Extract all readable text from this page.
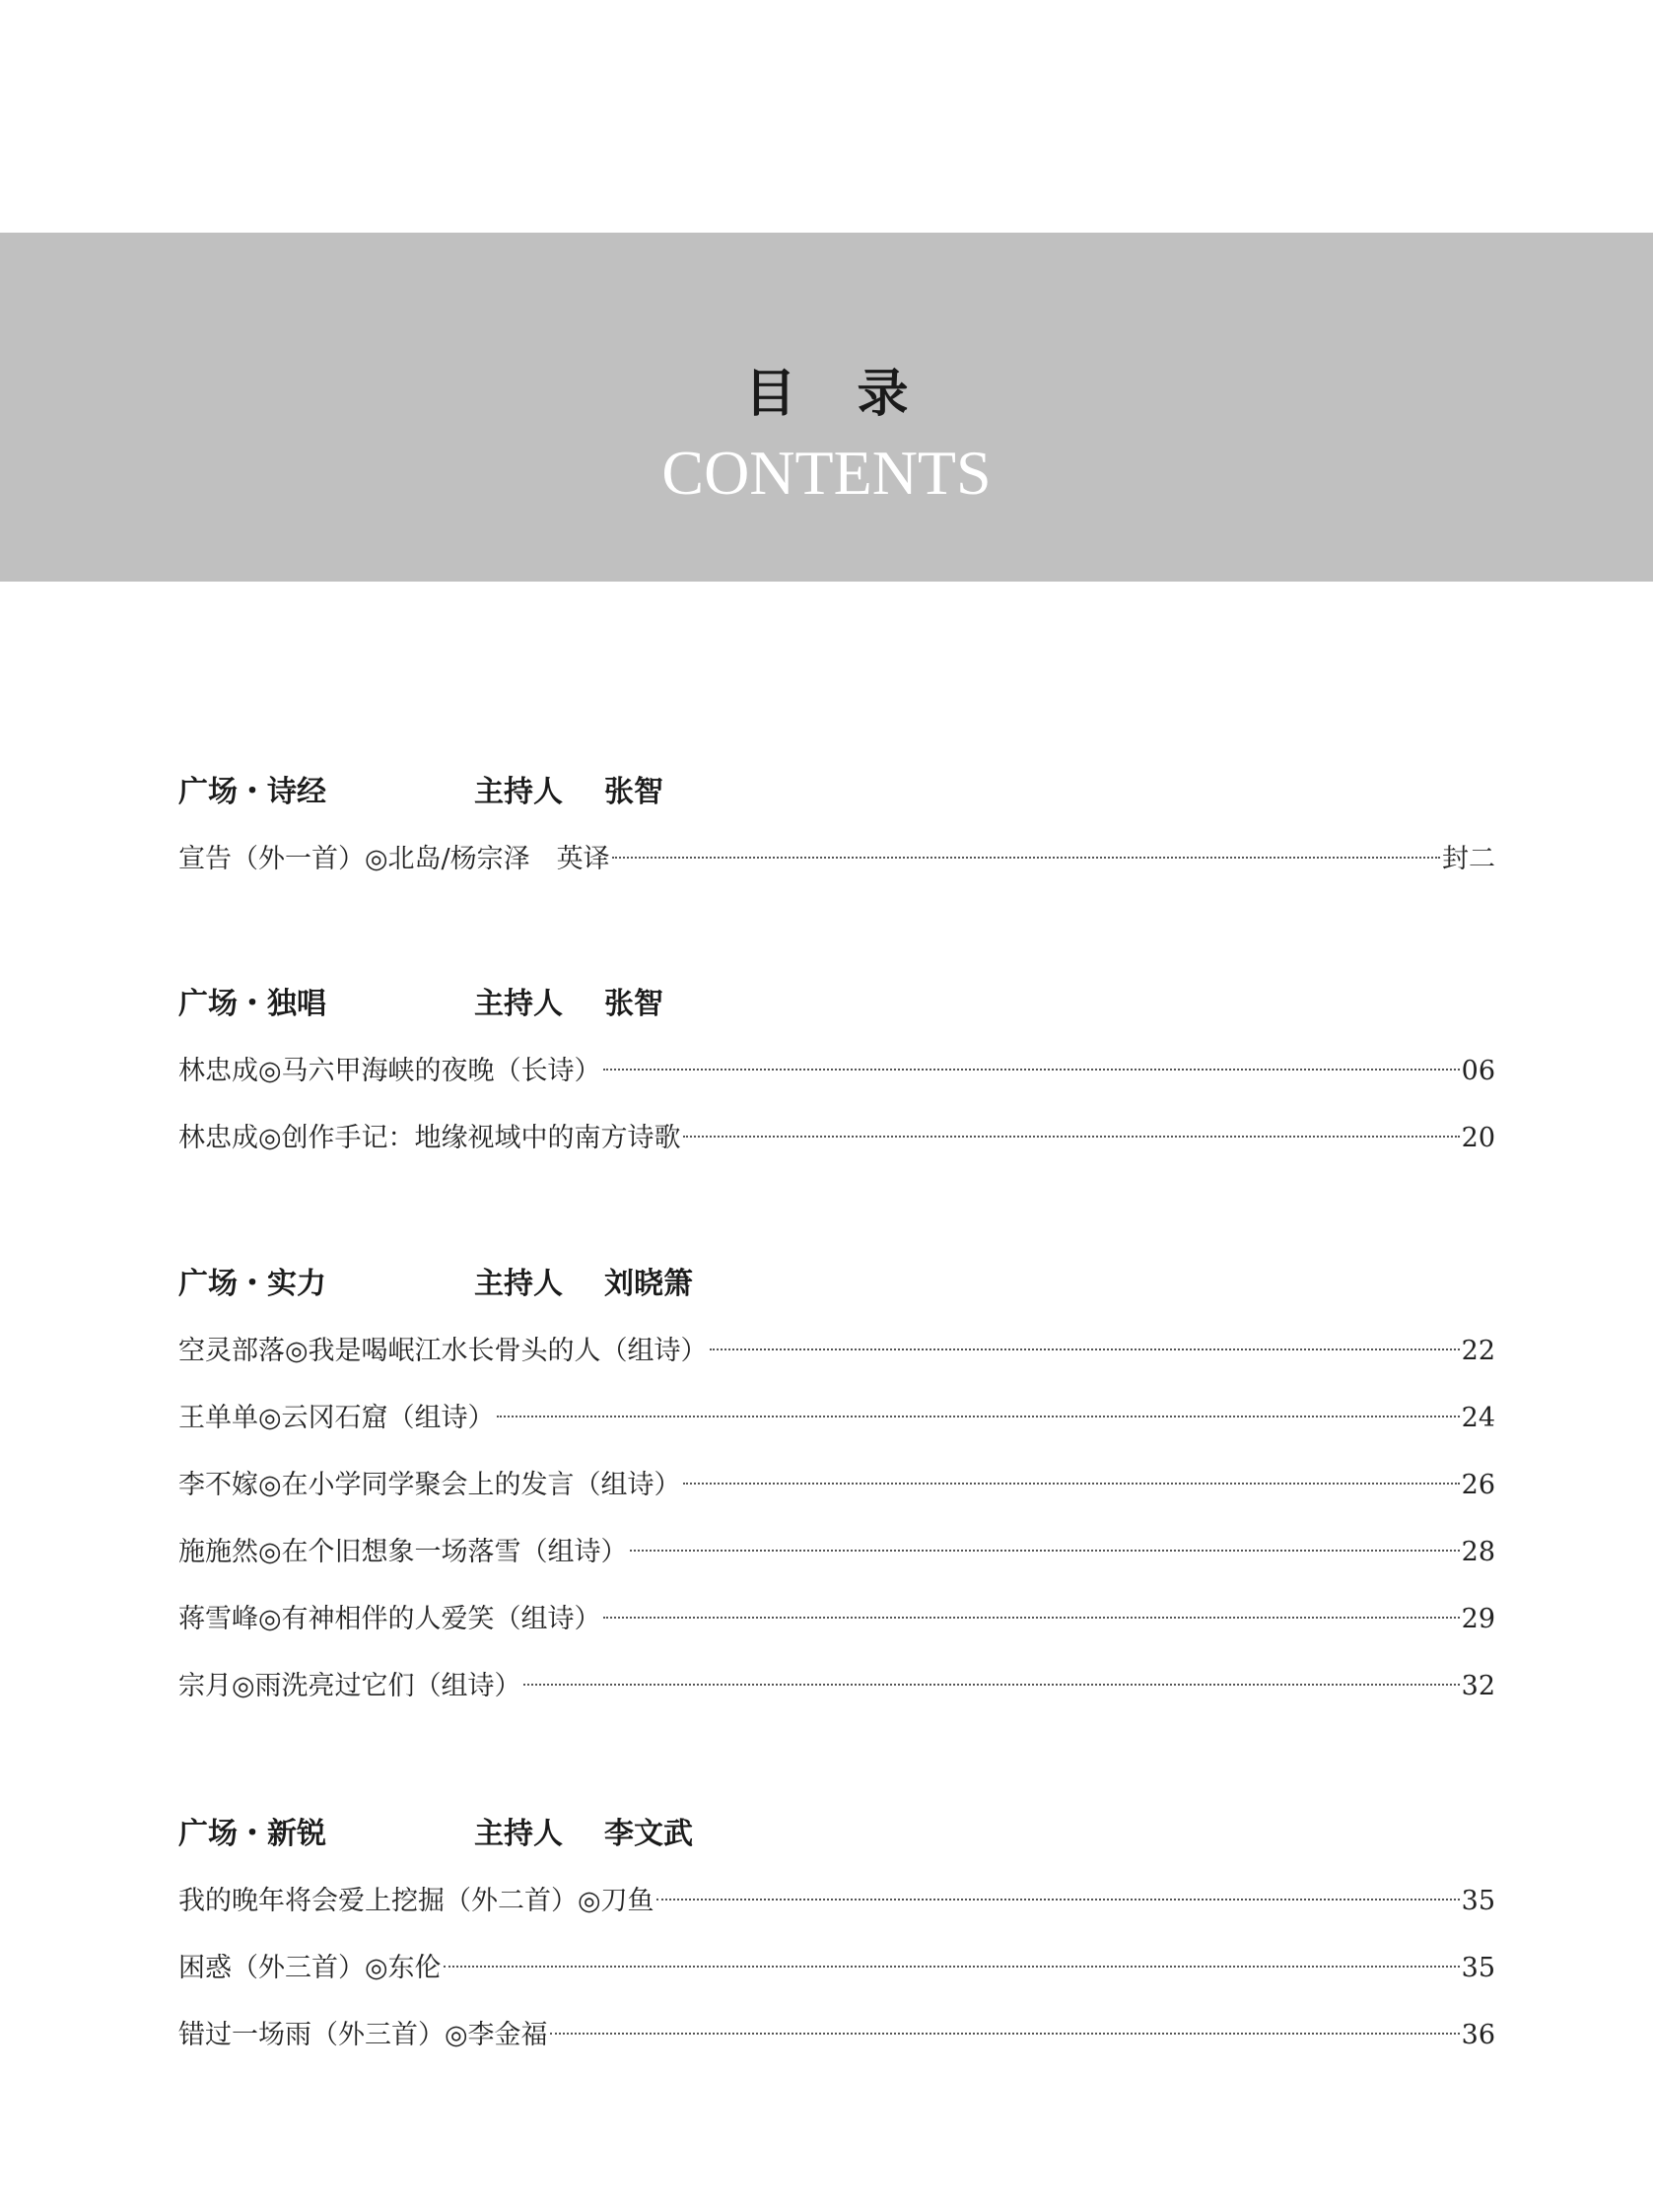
目录
CONTENTS
广场・诗经	主持人 张智
宣告（外一首）◎北岛/杨宗泽　英译	封二
广场・独唱	主持人 张智
林忠成◎马六甲海峡的夜晚（长诗）	06
林忠成◎创作手记：地缘视域中的南方诗歌	20
广场・实力	主持人 刘晓箫
空灵部落◎我是喝岷江水长骨头的人（组诗）	22
王单单◎云冈石窟（组诗）	24
李不嫁◎在小学同学聚会上的发言（组诗）	26
施施然◎在个旧想象一场落雪（组诗）	28
蒋雪峰◎有神相伴的人爱笑（组诗）	29
宗月◎雨洗亮过它们（组诗）	32
广场・新锐	主持人 李文武
我的晚年将会爱上挖掘（外二首）◎刀鱼	35
困惑（外三首）◎东伦	35
错过一场雨（外三首）◎李金福	36
